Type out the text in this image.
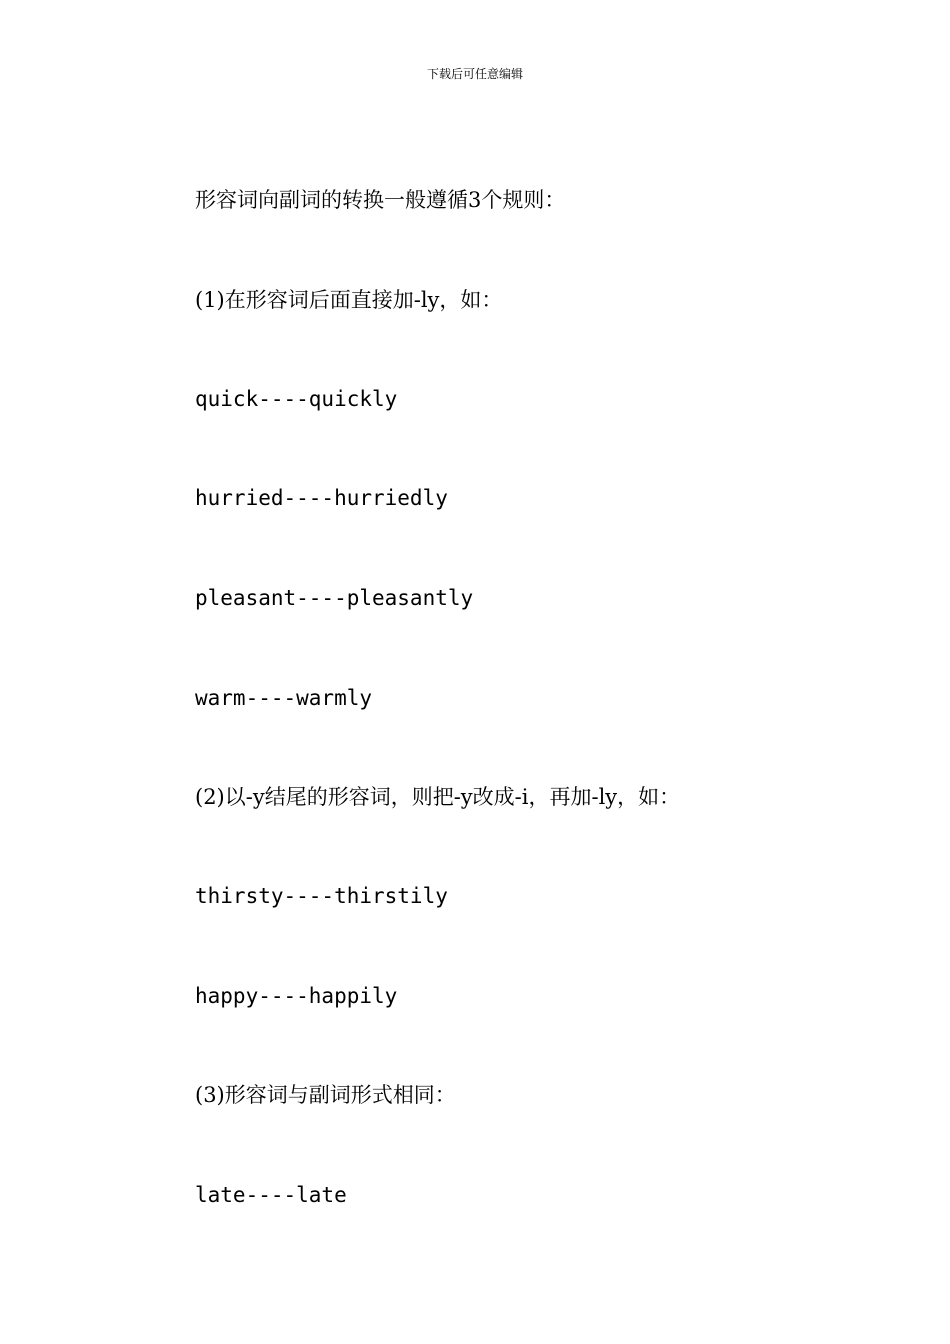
下载后可任意编辑
形容词向副词的转换一般遵循3个规则：
(1)在形容词后面直接加-ly，如：
quick----quickly
hurried----hurriedly
pleasant----pleasantly
warm----warmly
(2)以-y结尾的形容词，则把-y改成-i，再加-ly，如：
thirsty----thirstily
happy----happily
(3)形容词与副词形式相同：
late----late
